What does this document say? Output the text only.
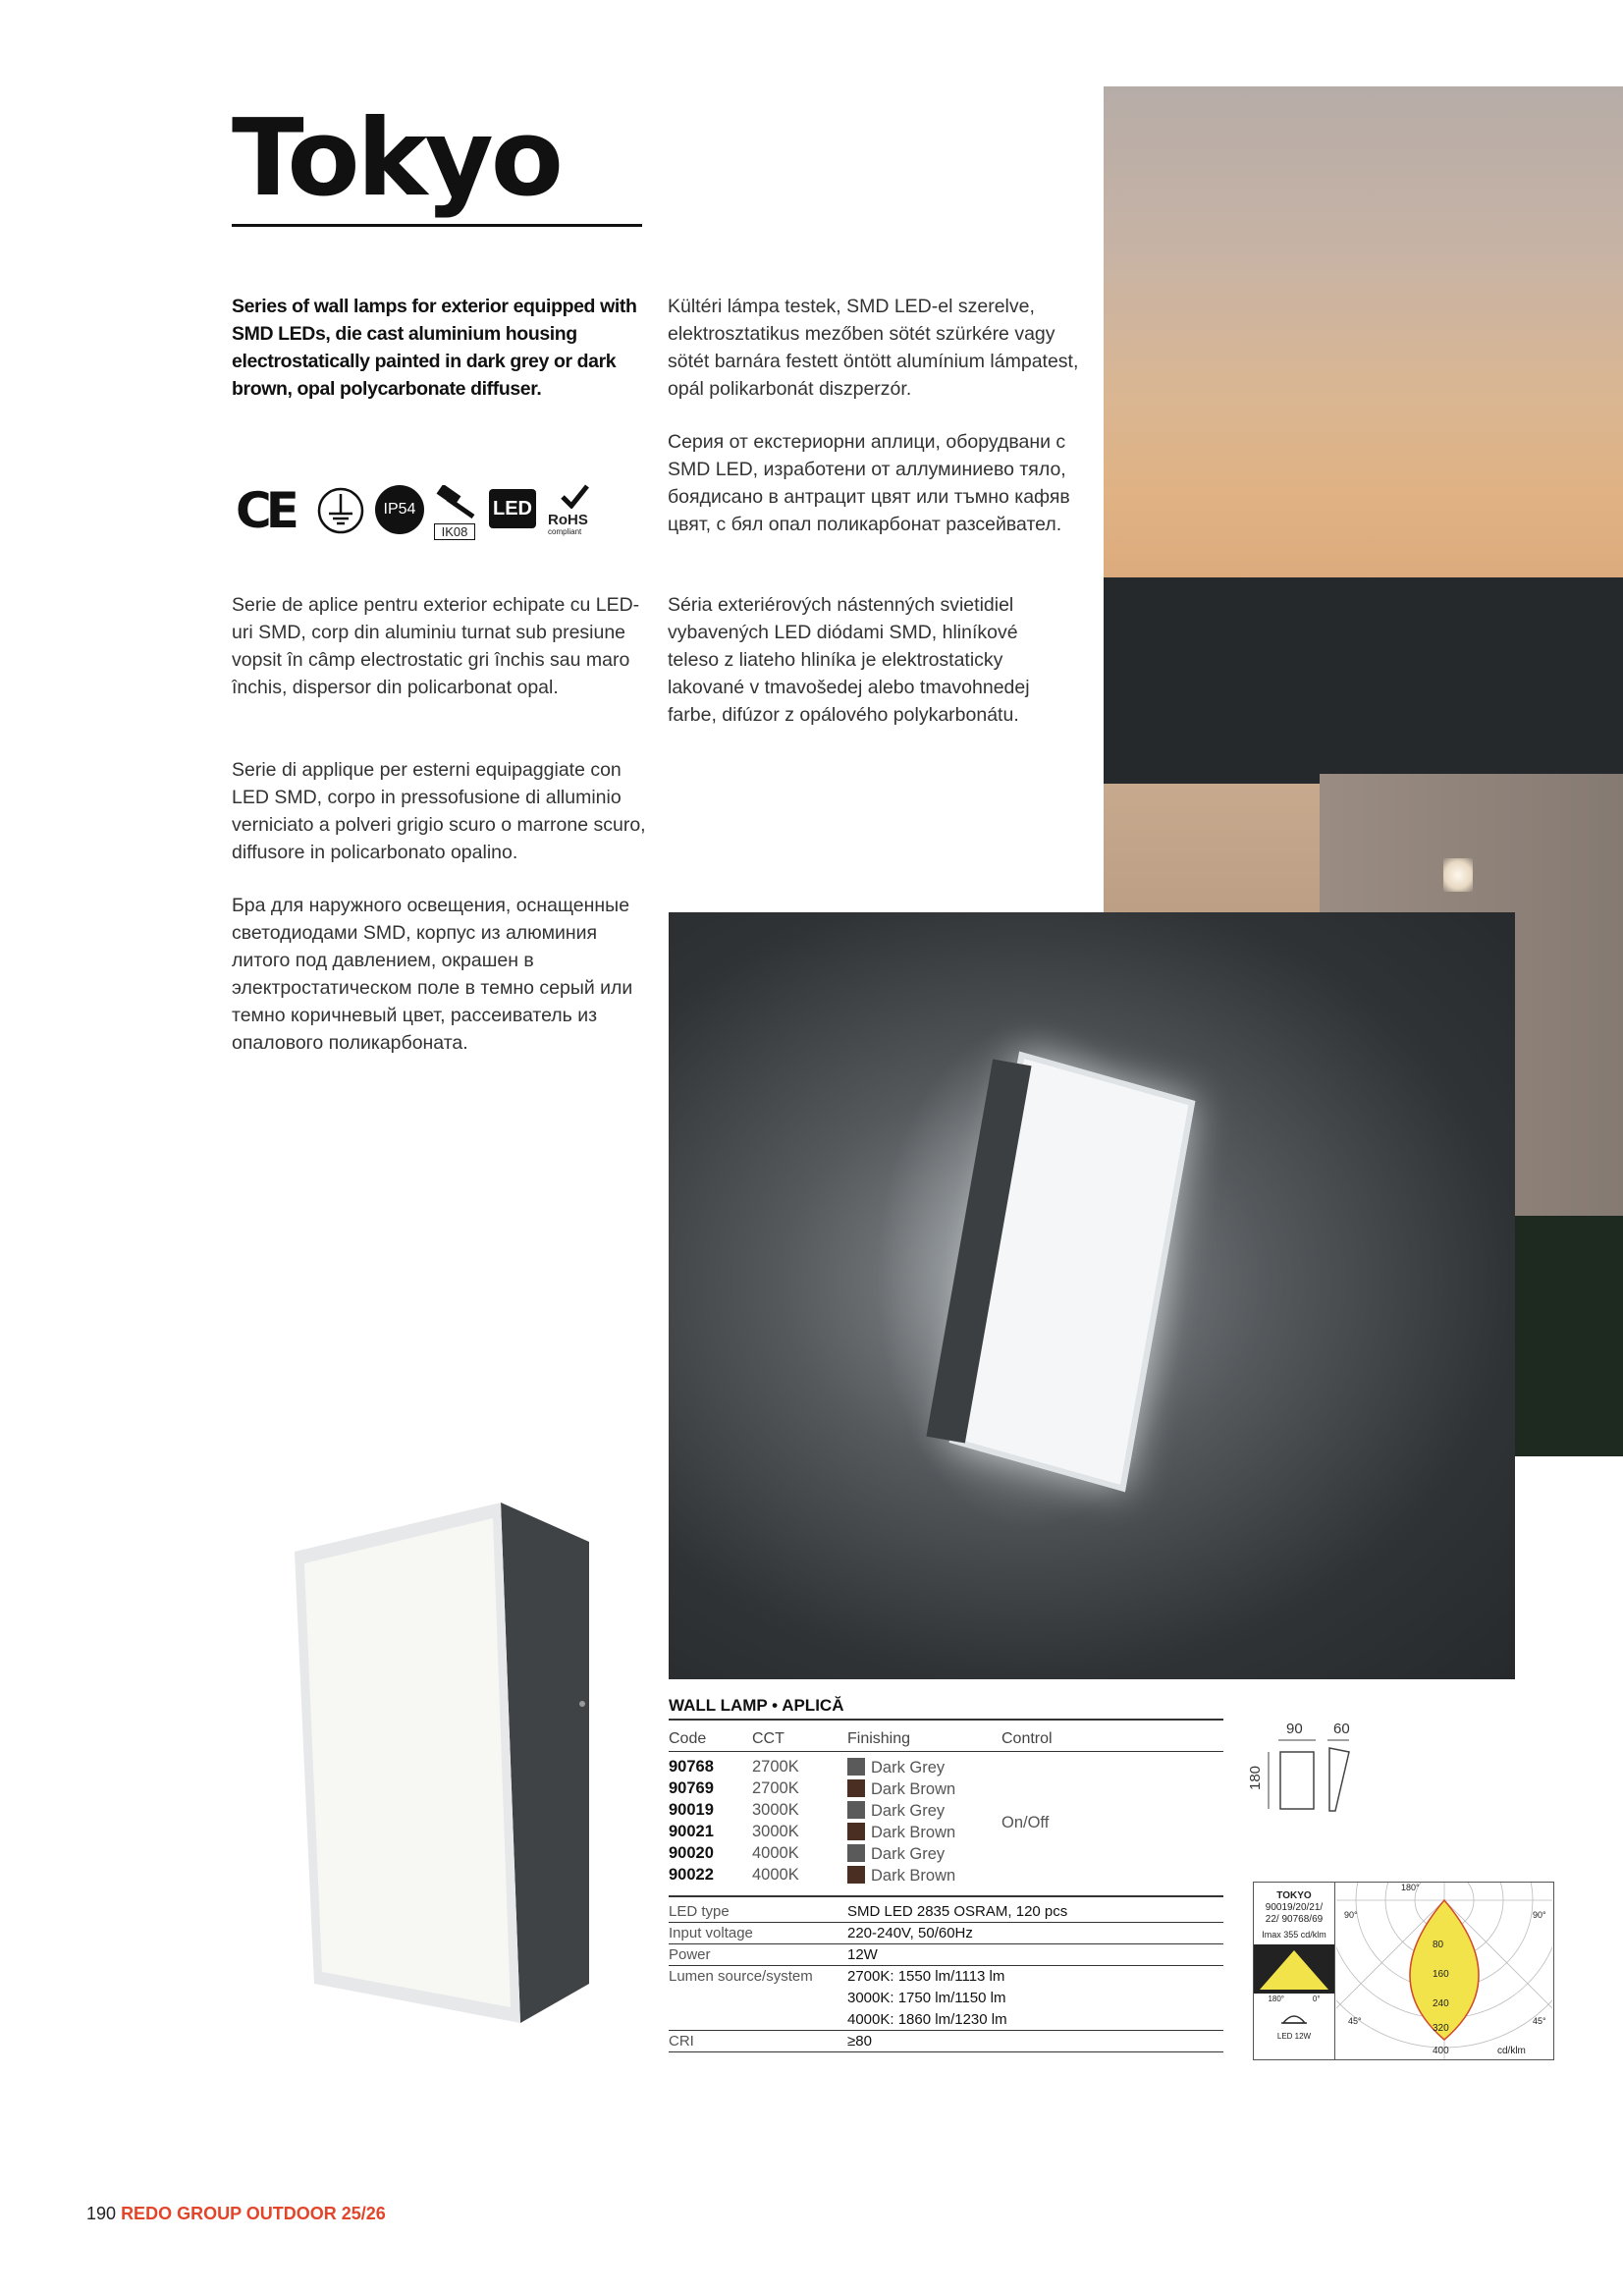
Tokyo
Series of wall lamps for exterior equipped with SMD LEDs, die cast aluminium housing electrostatically painted in dark grey or dark brown, opal polycarbonate diffuser.
Kültéri lámpa testek, SMD LED-el szerelve, elektrosztatikus mezőben sötét szürkére vagy sötét barnára festett öntött alumínium lámpatest, opál polikarbonát diszperzór.
Серия от екстериорни аплици, оборудвани с SMD LED, изработени от аллуминиево тяло, боядисано в антрацит цвят или тъмно кафяв цвят, с бял опал поликарбонат разсейвател.
Serie de aplice pentru exterior echipate cu LED-uri SMD, corp din aluminiu turnat sub presiune vopsit în câmp electrostatic gri închis sau maro închis, dispersor din policarbonat opal.
Séria exteriérových nástenných svietidiel vybavených LED diódami SMD, hliníkové teleso z liateho hliníka je elektrostaticky lakované v tmavošedej alebo tmavohnedej farbe, difúzor z opálového polykarbonátu.
Serie di applique per esterni equipaggiate con LED SMD, corpo in pressofusione di alluminio verniciato a polveri grigio scuro o marrone scuro, diffusore in policarbonato opalino.
Бра для наружного освещения, оснащенные светодиодами SMD, корпус из алюминия литого под давлением, окрашен в электростатическом поле в темно серый или темно коричневый цвет, рассеиватель из опалового поликарбоната.
CE	IP54
IK08
LED
RoHS
compliant
WALL LAMP • APLICĂ
Code	CCT	Finishing	Control
90768 2700K	Dark Grey
90769 2700K	Dark Brown
90019 3000K	Dark Grey
90021 3000K	Dark Brown
90020 4000K	Dark Grey
90022 4000K	Dark Brown
On/Off
LED type	SMD LED 2835 OSRAM, 120 pcs
Input voltage	220-240V, 50/60Hz
Power	12W
Lumen source/system 2700K: 1550 lm/1113 lm
3000K: 1750 lm/1150 lm
4000K: 1860 lm/1230 lm
CRI	≥80
90 60
180
TOKYO
90019/20/21/
22/ 90768/69
Imax 355 cd/klm
180°	0°
LED 12W
180°
90°	90°
45°	45°
80
160
240
320
400	cd/klm
190 REDO GROUP OUTDOOR 25/26
